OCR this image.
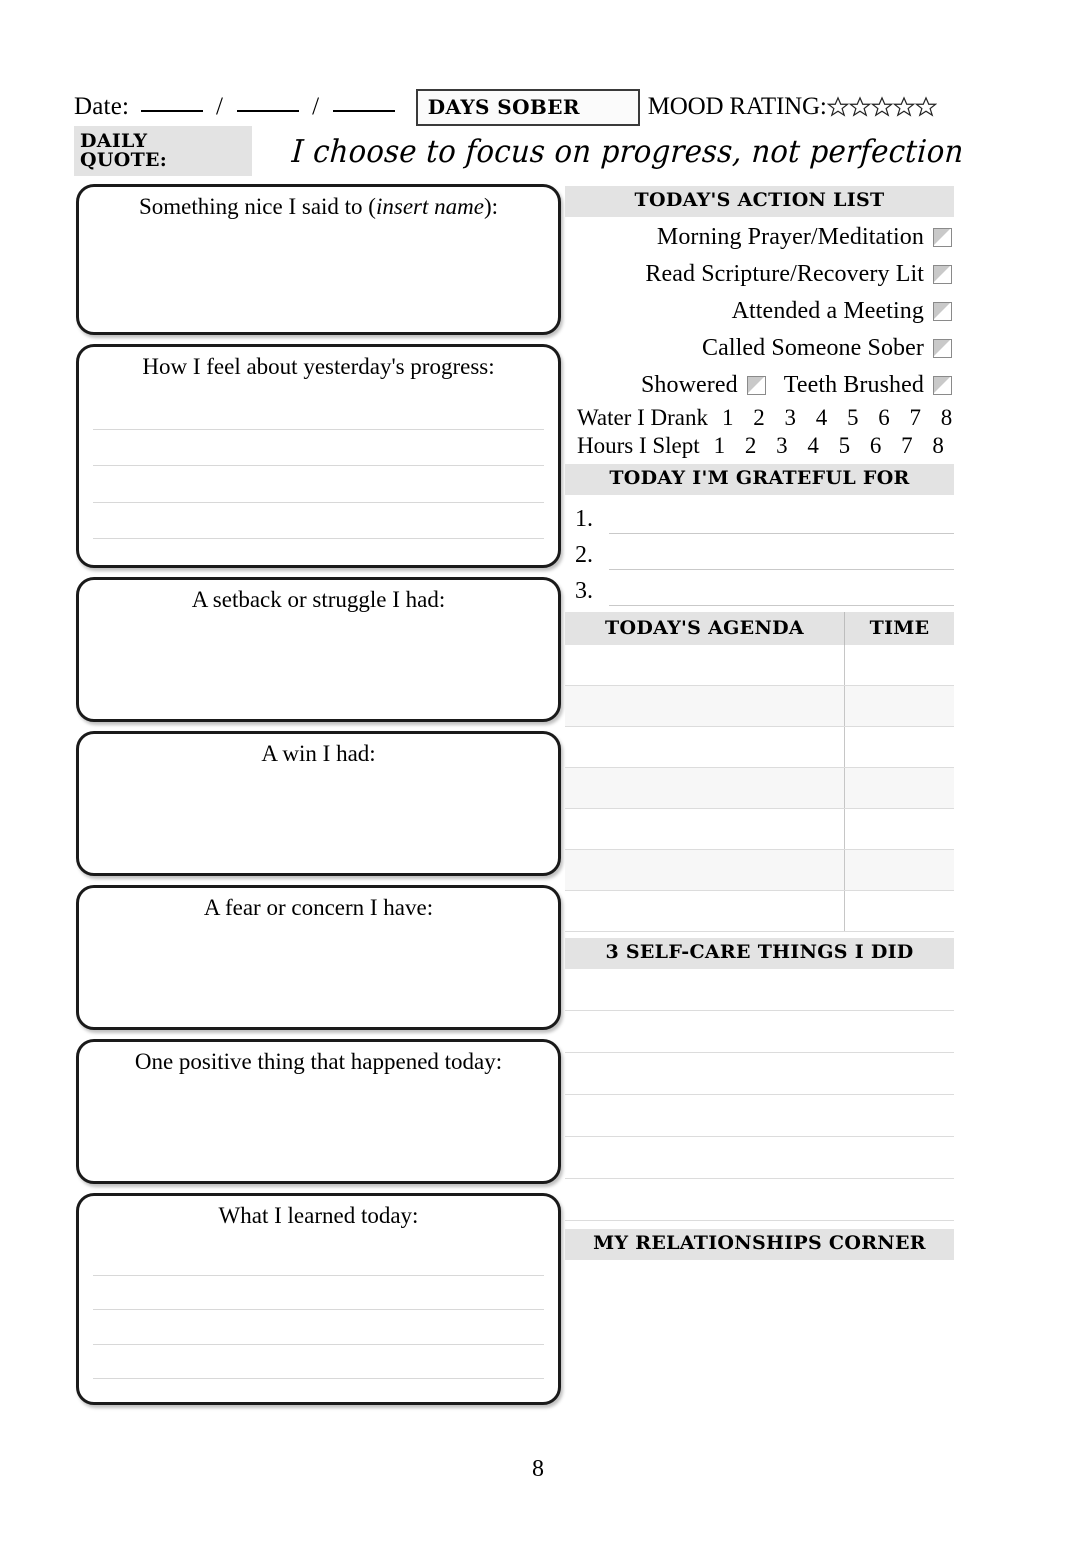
Date:	/	/	DAYS SOBER	MOOD RATING:
DAILY QUOTE:	I choose to focus on progress, not perfection
Something nice I said to (insert name):
How I feel about yesterday's progress:
A setback or struggle I had:
A win I had:
A fear or concern I have:
One positive thing that happened today:
What I learned today:
TODAY'S ACTION LIST
Morning Prayer/Meditation
Read Scripture/Recovery Lit
Attended a Meeting
Called Someone Sober
Showered Teeth Brushed
Water I Drank 1 2 3 4 5 6 7 8
Hours I Slept 1 2 3 4 5 6 7 8
TODAY I'M GRATEFUL FOR
1.
2.
3.
TODAY'S AGENDA	TIME

3 SELF-CARE THINGS I DID
MY RELATIONSHIPS CORNER
8
